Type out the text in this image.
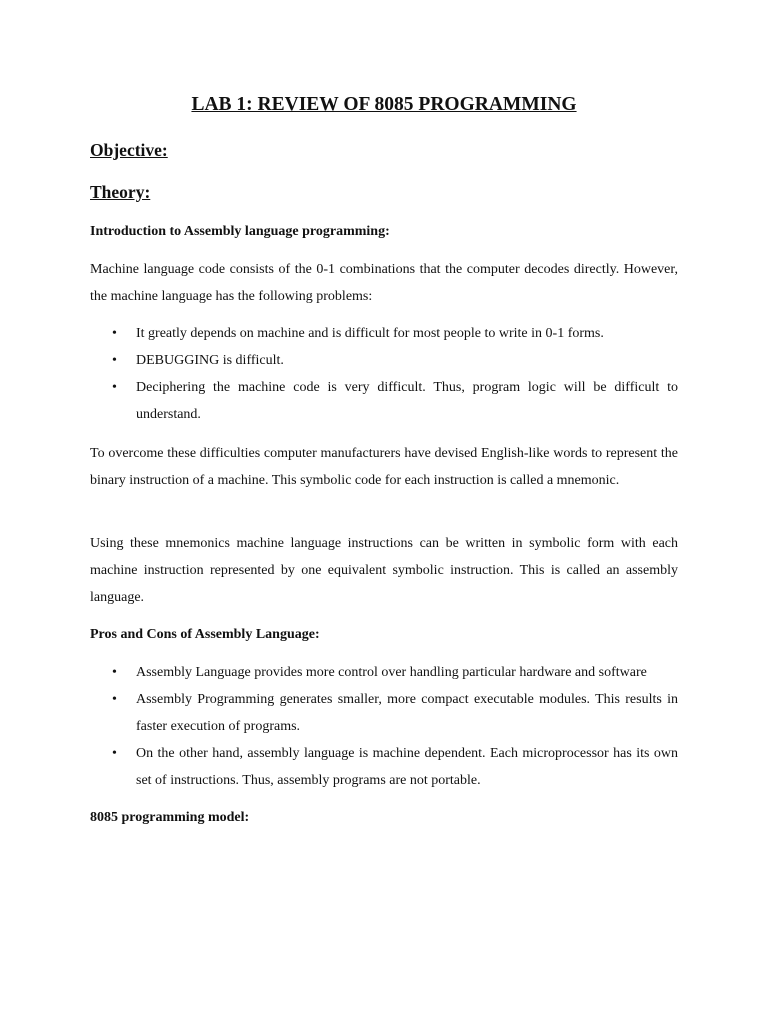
LAB 1: REVIEW OF 8085 PROGRAMMING
Objective:
Theory:
Introduction to Assembly language programming:

Machine language code consists of the 0-1 combinations that the computer decodes directly. However, the machine language has the following problems:

• It greatly depends on machine and is difficult for most people to write in 0-1 forms.
• DEBUGGING is difficult.
• Deciphering the machine code is very difficult. Thus, program logic will be difficult to understand.

To overcome these difficulties computer manufacturers have devised English-like words to represent the binary instruction of a machine. This symbolic code for each instruction is called a mnemonic.

Using these mnemonics machine language instructions can be written in symbolic form with each machine instruction represented by one equivalent symbolic instruction. This is called an assembly language.

Pros and Cons of Assembly Language:
• Assembly Language provides more control over handling particular hardware and software
• Assembly Programming generates smaller, more compact executable modules. This results in faster execution of programs.
• On the other hand, assembly language is machine dependent. Each microprocessor has its own set of instructions. Thus, assembly programs are not portable.
8085 programming model:
